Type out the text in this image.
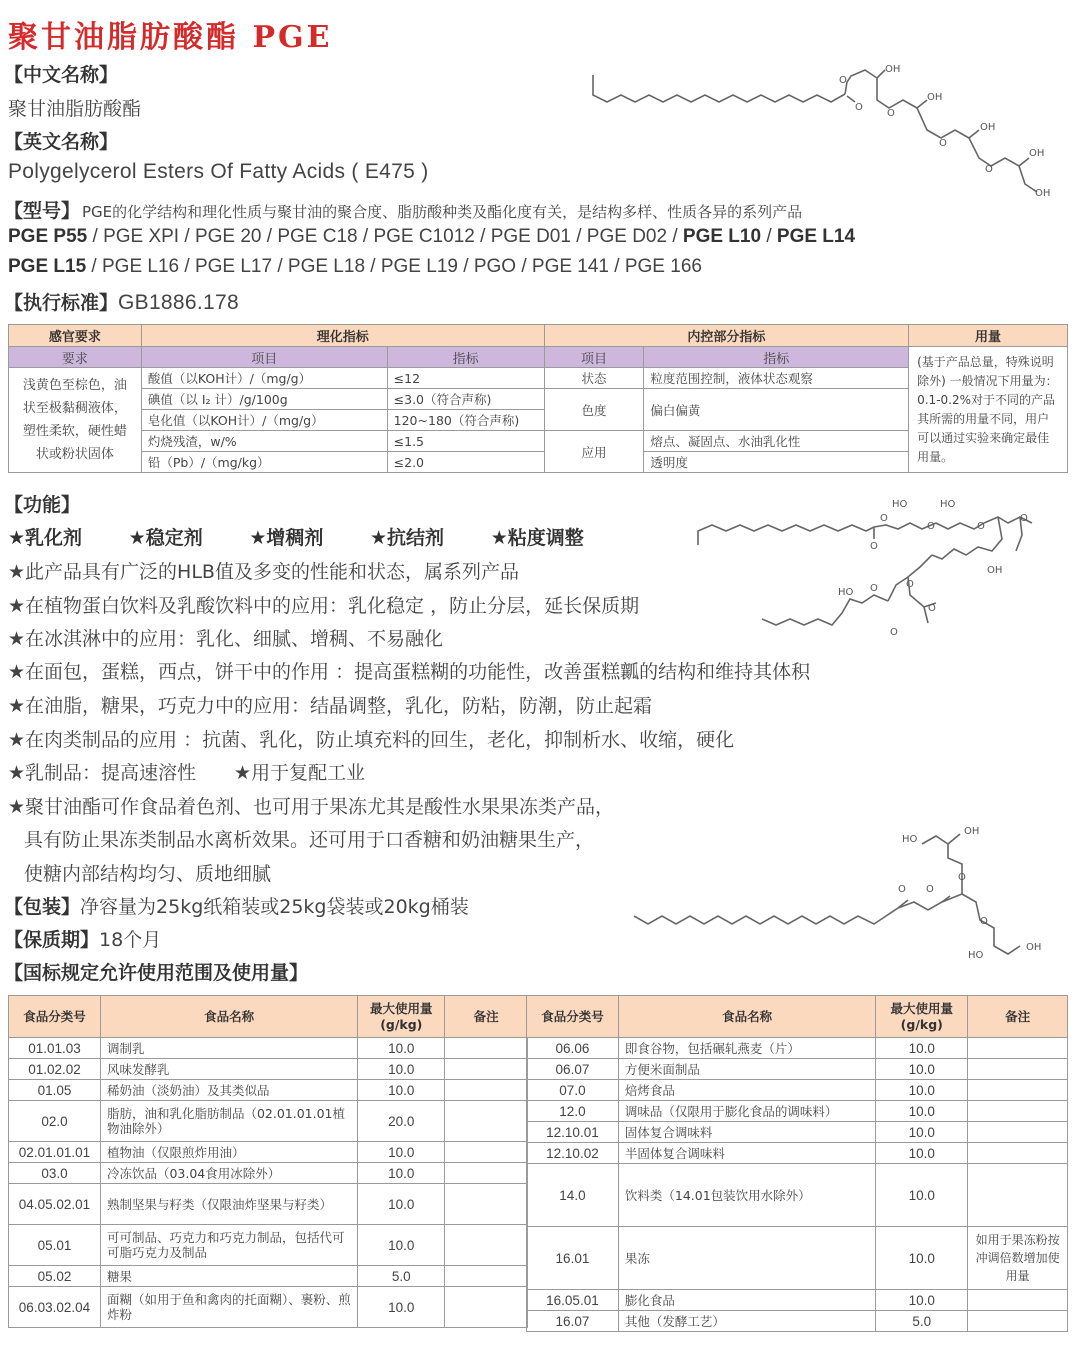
聚甘油脂肪酸酯 PGE
【中文名称】
聚甘油脂肪酸酯
【英文名称】
Polygelycerol Esters Of Fatty Acids ( E475 )
【型号】 PGE的化学结构和理化性质与聚甘油的聚合度、脂肪酸种类及酯化度有关，是结构多样、性质各异的系列产品
PGE P55 / PGE XPI / PGE 20 / PGE C18 / PGE C1012 / PGE D01 / PGE D02 / PGE L10 / PGE L14
PGE L15 / PGE L16 / PGE L17 / PGE L18 / PGE L19 / PGO / PGE 141 / PGE 166
【执行标准】GB1886.178
O
O
OH
O
OH
O
OH
O
OH
OH
感官要求	理化指标		内控部分指标		用量
要求	项目	指标	项目	指标	(基于产品总量，特殊说明除外) 一般情况下用量为：0.1-0.2%对于不同的产品其所需的用量不同，用户可以通过实验来确定最佳用量。
浅黄色至棕色，油状至极黏稠液体，塑性柔软，硬性蜡状或粉状固体	酸值（以KOH计）/（mg/g）	≤12	状态	粒度范围控制，液体状态观察	
	碘值（以 I₂ 计）/g/100g	≤3.0（符合声称)	色度	偏白偏黄	
	皂化值（以KOH计）/（mg/g）	120~180（符合声称)			
	灼烧残渣，w/%	≤1.5	应用	熔点、凝固点、水油乳化性	
	铅（Pb）/（mg/kg）	≤2.0		透明度	
【功能】
★乳化剂 ★稳定剂 ★增稠剂 ★抗结剂 ★粘度调整
★此产品具有广泛的HLB值及多变的性能和状态，属系列产品
★在植物蛋白饮料及乳酸饮料中的应用：乳化稳定 ，防止分层，延长保质期
★在冰淇淋中的应用：乳化、细腻、增稠、不易融化
★在面包，蛋糕，西点，饼干中的作用 ：提高蛋糕糊的功能性，改善蛋糕瓤的结构和维持其体积
★在油脂，糖果，巧克力中的应用：结晶调整，乳化，防粘，防潮，防止起霜
★在肉类制品的应用 ：抗菌、乳化，防止填充料的回生，老化，抑制析水、收缩，硬化
★乳制品：提高速溶性　　★用于复配工业
★聚甘油酯可作食品着色剂、也可用于果冻尤其是酸性水果果冻类产品，
具有防止果冻类制品水离析效果。还可用于口香糖和奶油糖果生产，
使糖内部结构均匀、质地细腻
O
O
O	O
HO	HO
O
OH
O
O
O
HO
O
O O
O
HO
OH
O
HO
OH
【包装】净容量为25kg纸箱装或25kg袋装或20kg桶装
【保质期】18个月
【国标规定允许使用范围及使用量】
食品分类号	食品名称	最大使用量
(g/kg)	备注
01.01.03	调制乳	10.0	
01.02.02	风味发酵乳	10.0	
01.05	稀奶油（淡奶油）及其类似品	10.0	
02.0	脂肪，油和乳化脂肪制品（02.01.01.01植物油除外）	20.0	
02.01.01.01	植物油（仅限煎炸用油）	10.0	
03.0	冷冻饮品（03.04食用冰除外）	10.0	
04.05.02.01	熟制坚果与籽类（仅限油炸坚果与籽类）	10.0	
05.01	可可制品、巧克力和巧克力制品，包括代可可脂巧克力及制品	10.0	
05.02	糖果	5.0	
06.03.02.04	面糊（如用于鱼和禽肉的托面糊）、裹粉、煎炸粉	10.0	
食品分类号	食品名称	最大使用量
(g/kg)	备注
06.06	即食谷物，包括碾轧燕麦（片）	10.0	
06.07	方便米面制品	10.0	
07.0	焙烤食品	10.0	
12.0	调味品（仅限用于膨化食品的调味料）	10.0	
12.10.01	固体复合调味料	10.0	
12.10.02	半固体复合调味料	10.0	
14.0	饮料类（14.01包装饮用水除外）	10.0	
16.01	果冻	10.0	如用于果冻粉按冲调倍数增加使用量
16.05.01	膨化食品	10.0	
16.07	其他（发酵工艺）	5.0	
